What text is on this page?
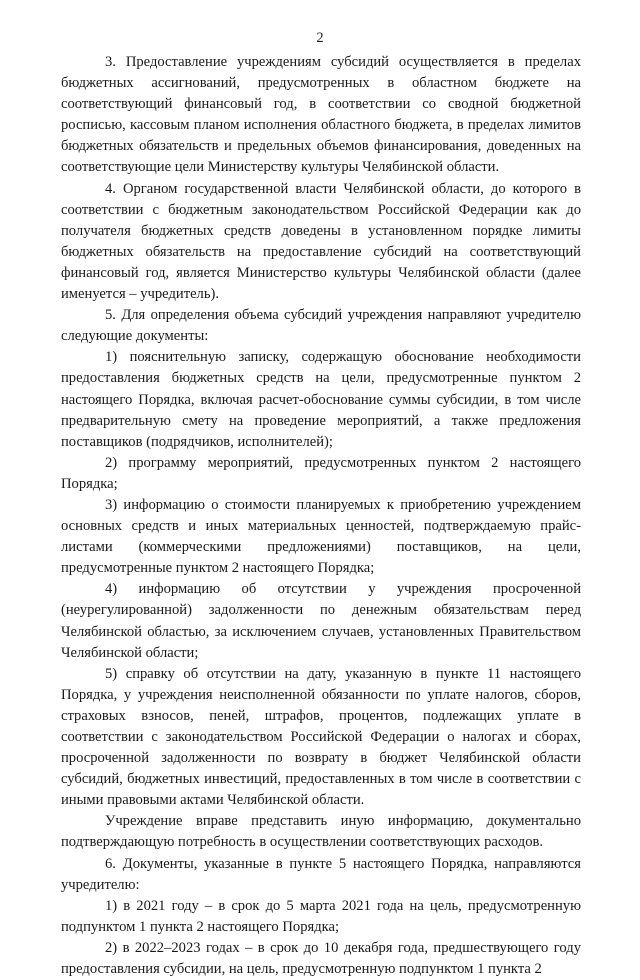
2

3. Предоставление учреждениям субсидий осуществляется в пределах бюджетных ассигнований, предусмотренных в областном бюджете на соответствующий финансовый год, в соответствии со сводной бюджетной росписью, кассовым планом исполнения областного бюджета, в пределах лимитов бюджетных обязательств и предельных объемов финансирования, доведенных на соответствующие цели Министерству культуры Челябинской области.

4. Органом государственной власти Челябинской области, до которого в соответствии с бюджетным законодательством Российской Федерации как до получателя бюджетных средств доведены в установленном порядке лимиты бюджетных обязательств на предоставление субсидий на соответствующий финансовый год, является Министерство культуры Челябинской области (далее именуется – учредитель).

5. Для определения объема субсидий учреждения направляют учредителю следующие документы:

1) пояснительную записку, содержащую обоснование необходимости предоставления бюджетных средств на цели, предусмотренные пунктом 2 настоящего Порядка, включая расчет-обоснование суммы субсидии, в том числе предварительную смету на проведение мероприятий, а также предложения поставщиков (подрядчиков, исполнителей);

2) программу мероприятий, предусмотренных пунктом 2 настоящего Порядка;

3) информацию о стоимости планируемых к приобретению учреждением основных средств и иных материальных ценностей, подтверждаемую прайс-листами (коммерческими предложениями) поставщиков, на цели, предусмотренные пунктом 2 настоящего Порядка;

4) информацию об отсутствии у учреждения просроченной (неурегулированной) задолженности по денежным обязательствам перед Челябинской областью, за исключением случаев, установленных Правительством Челябинской области;

5) справку об отсутствии на дату, указанную в пункте 11 настоящего Порядка, у учреждения неисполненной обязанности по уплате налогов, сборов, страховых взносов, пеней, штрафов, процентов, подлежащих уплате в соответствии с законодательством Российской Федерации о налогах и сборах, просроченной задолженности по возврату в бюджет Челябинской области субсидий, бюджетных инвестиций, предоставленных в том числе в соответствии с иными правовыми актами Челябинской области.

Учреждение вправе представить иную информацию, документально подтверждающую потребность в осуществлении соответствующих расходов.

6. Документы, указанные в пункте 5 настоящего Порядка, направляются учредителю:

1) в 2021 году – в срок до 5 марта 2021 года на цель, предусмотренную подпунктом 1 пункта 2 настоящего Порядка;

2) в 2022–2023 годах – в срок до 10 декабря года, предшествующего году предоставления субсидии, на цель, предусмотренную подпунктом 1 пункта 2
